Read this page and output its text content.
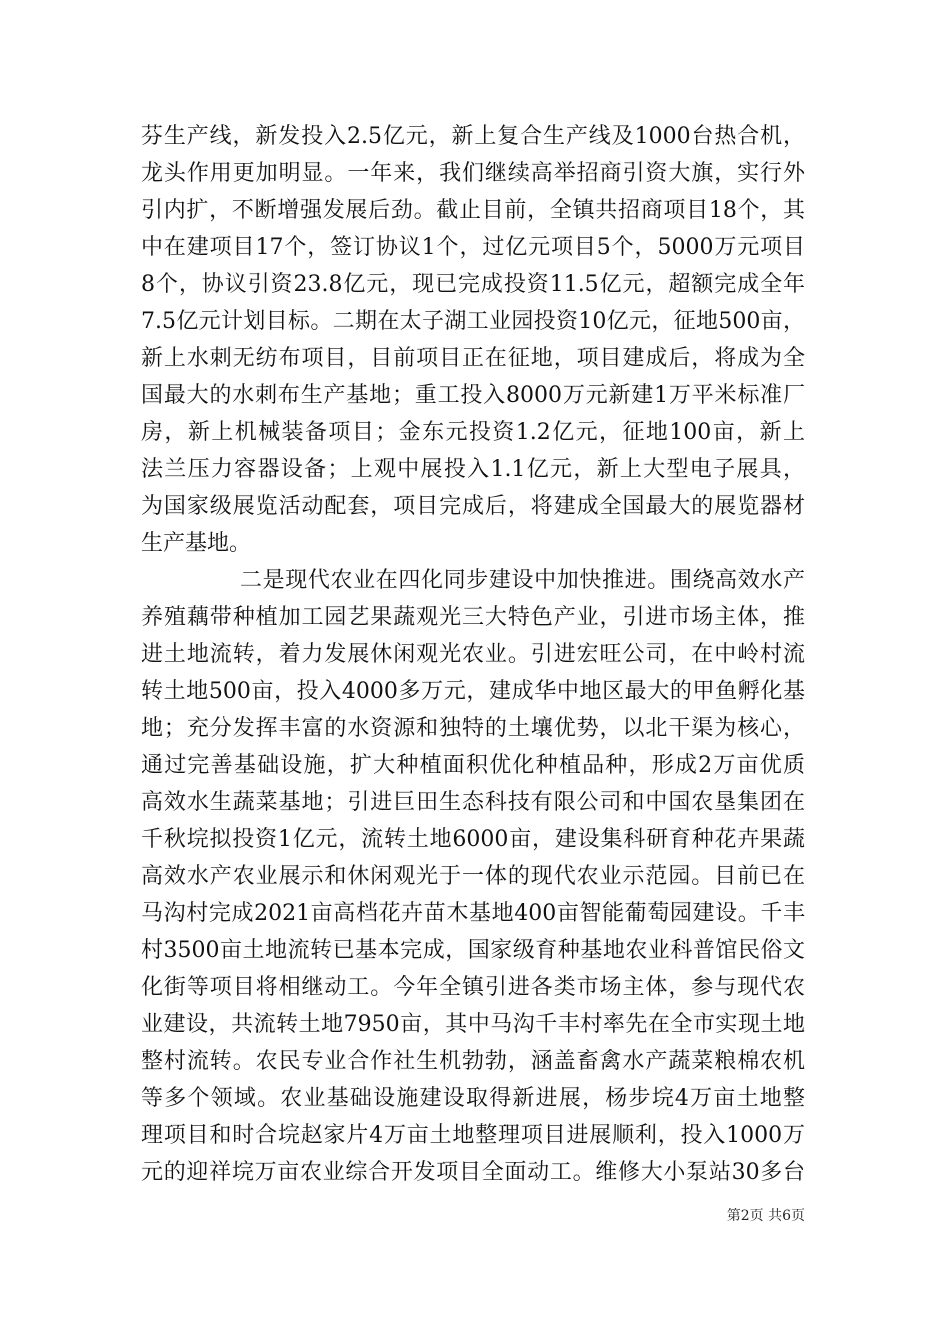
芬生产线，新发投入2.5亿元，新上复合生产线及1000台热合机，
龙头作用更加明显。一年来，我们继续高举招商引资大旗，实行外
引内扩，不断增强发展后劲。截止目前，全镇共招商项目18个，其
中在建项目17个，签订协议1个，过亿元项目5个，5000万元项目
8个，协议引资23.8亿元，现已完成投资11.5亿元，超额完成全年
7.5亿元计划目标。二期在太子湖工业园投资10亿元，征地500亩，
新上水刺无纺布项目，目前项目正在征地，项目建成后，将成为全
国最大的水刺布生产基地；重工投入8000万元新建1万平米标准厂
房，新上机械装备项目；金东元投资1.2亿元，征地100亩，新上
法兰压力容器设备；上观中展投入1.1亿元，新上大型电子展具，
为国家级展览活动配套，项目完成后，将建成全国最大的展览器材
生产基地。
二是现代农业在四化同步建设中加快推进。围绕高效水产
养殖藕带种植加工园艺果蔬观光三大特色产业，引进市场主体，推
进土地流转，着力发展休闲观光农业。引进宏旺公司，在中岭村流
转土地500亩，投入4000多万元，建成华中地区最大的甲鱼孵化基
地；充分发挥丰富的水资源和独特的土壤优势，以北干渠为核心，
通过完善基础设施，扩大种植面积优化种植品种，形成2万亩优质
高效水生蔬菜基地；引进巨田生态科技有限公司和中国农垦集团在
千秋垸拟投资1亿元，流转土地6000亩，建设集科研育种花卉果蔬
高效水产农业展示和休闲观光于一体的现代农业示范园。目前已在
马沟村完成2021亩高档花卉苗木基地400亩智能葡萄园建设。千丰
村3500亩土地流转已基本完成，国家级育种基地农业科普馆民俗文
化街等项目将相继动工。今年全镇引进各类市场主体，参与现代农
业建设，共流转土地7950亩，其中马沟千丰村率先在全市实现土地
整村流转。农民专业合作社生机勃勃，涵盖畜禽水产蔬菜粮棉农机
等多个领域。农业基础设施建设取得新进展，杨步垸4万亩土地整
理项目和时合垸赵家片4万亩土地整理项目进展顺利，投入1000万
元的迎祥垸万亩农业综合开发项目全面动工。维修大小泵站30多台
第2页 共6页
